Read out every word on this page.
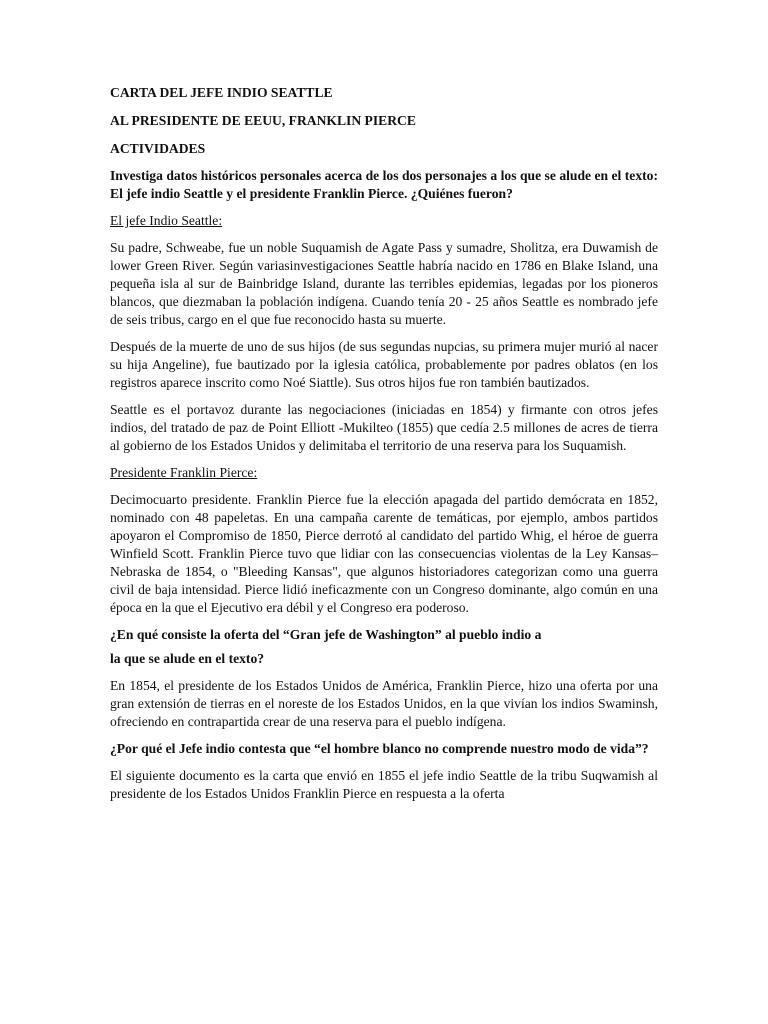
CARTA DEL JEFE INDIO SEATTLE
AL PRESIDENTE DE EEUU, FRANKLIN PIERCE
ACTIVIDADES
Investiga datos históricos personales acerca de los dos personajes a los que se alude en el texto: El jefe indio Seattle y el presidente Franklin Pierce. ¿Quiénes fueron?
El jefe Indio Seattle:
Su padre, Schweabe, fue un noble Suquamish de Agate Pass y sumadre, Sholitza, era Duwamish de lower Green River. Según variasinvestigaciones Seattle habría nacido en 1786 en Blake Island, una pequeña isla al sur de Bainbridge Island, durante las terribles epidemias, legadas por los pioneros blancos, que diezmaban la población indígena. Cuando tenía 20 - 25 años Seattle es nombrado jefe de seis tribus, cargo en el que fue reconocido hasta su muerte.
Después de la muerte de uno de sus hijos (de sus segundas nupcias, su primera mujer murió al nacer su hija Angeline), fue bautizado por la iglesia católica, probablemente por padres oblatos (en los registros aparece inscrito como Noé Siattle). Sus otros hijos fue ron también bautizados.
Seattle es el portavoz durante las negociaciones (iniciadas en 1854) y firmante con otros jefes indios, del tratado de paz de Point Elliott -Mukilteo (1855) que cedía 2.5 millones de acres de tierra al gobierno de los Estados Unidos y delimitaba el territorio de una reserva para los Suquamish.
Presidente Franklin Pierce:
Decimocuarto presidente. Franklin Pierce fue la elección apagada del partido demócrata en 1852, nominado con 48 papeletas. En una campaña carente de temáticas, por ejemplo, ambos partidos apoyaron el Compromiso de 1850, Pierce derrotó al candidato del partido Whig, el héroe de guerra Winfield Scott. Franklin Pierce tuvo que lidiar con las consecuencias violentas de la Ley Kansas–Nebraska de 1854, o "Bleeding Kansas", que algunos historiadores categorizan como una guerra civil de baja intensidad. Pierce lidió ineficazmente con un Congreso dominante, algo común en una época en la que el Ejecutivo era débil y el Congreso era poderoso.
¿En qué consiste la oferta del “Gran jefe de Washington” al pueblo indio a
la que se alude en el texto?
En 1854, el presidente de los Estados Unidos de América, Franklin Pierce, hizo una oferta por una gran extensión de tierras en el noreste de los Estados Unidos, en la que vivían los indios Swaminsh, ofreciendo en contrapartida crear de una reserva para el pueblo indígena.
¿Por qué el Jefe indio contesta que “el hombre blanco no comprende nuestro modo de vida”?
El siguiente documento es la carta que envió en 1855 el jefe indio Seattle de la tribu Suqwamish al presidente de los Estados Unidos Franklin Pierce en respuesta a la oferta
